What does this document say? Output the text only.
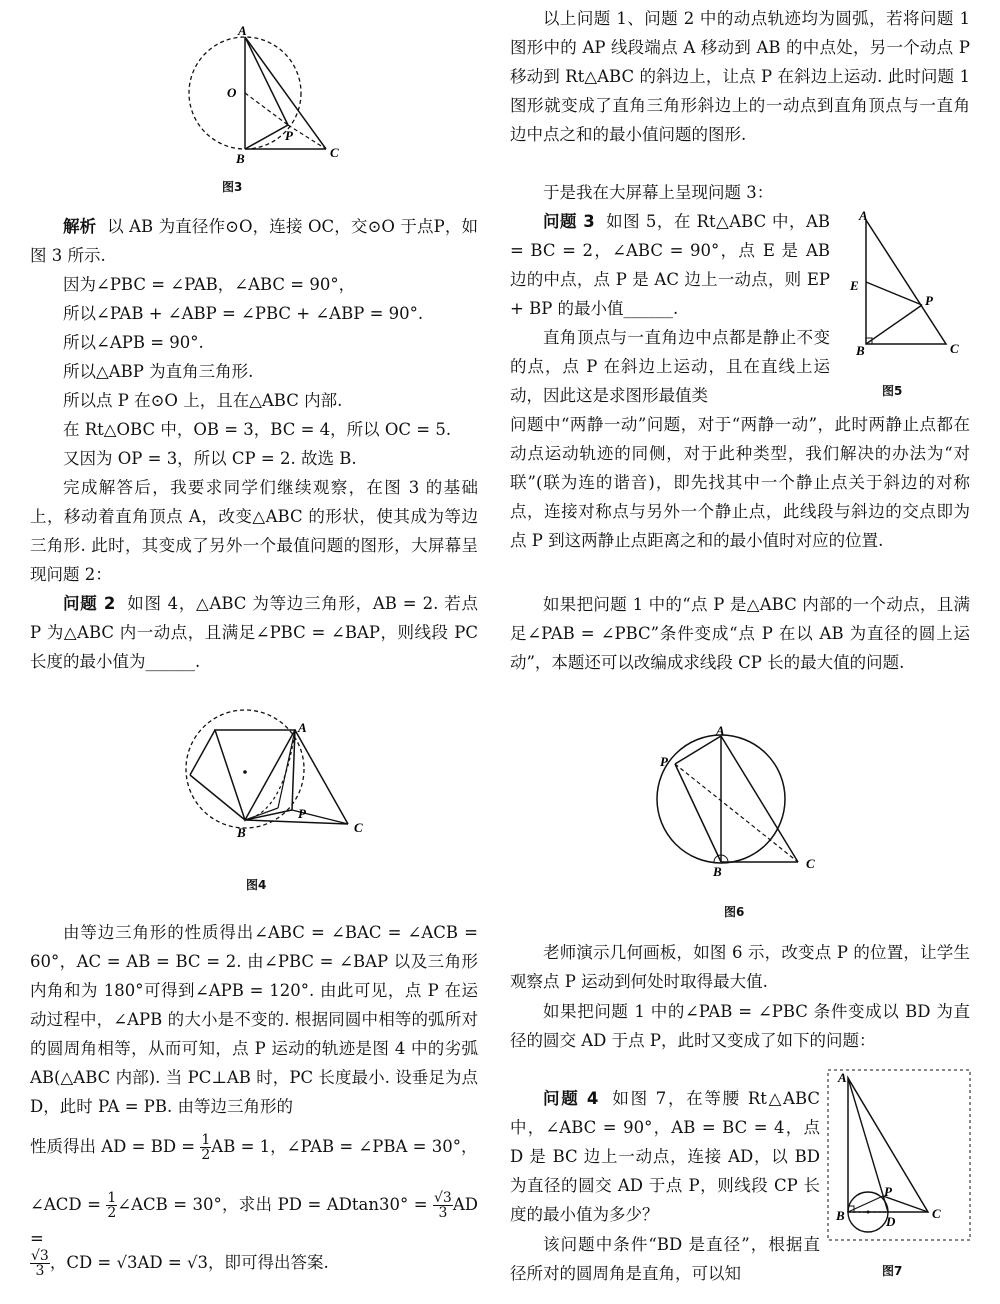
A
O
P
B	C
图3

解析 以 AB 为直径作⊙O，连接 OC，交⊙O 于点P，如图 3 所示.

因为∠PBC = ∠PAB，∠ABC = 90°，

所以∠PAB + ∠ABP = ∠PBC + ∠ABP = 90°.

所以∠APB = 90°.

所以△ABP 为直角三角形.

所以点 P 在⊙O 上，且在△ABC 内部.

在 Rt△OBC 中，OB = 3，BC = 4，所以 OC = 5.

又因为 OP = 3，所以 CP = 2. 故选 B.

完成解答后，我要求同学们继续观察，在图 3 的基础上，移动着直角顶点 A，改变△ABC 的形状，使其成为等边三角形. 此时，其变成了另外一个最值问题的图形，大屏幕呈现问题 2：

问题 2 如图 4，△ABC 为等边三角形，AB = 2. 若点 P 为△ABC 内一动点，且满足∠PBC = ∠BAP，则线段 PC 长度的最小值为______.

A
P
B	C
图4

由等边三角形的性质得出∠ABC = ∠BAC = ∠ACB = 60°，AC = AB = BC = 2. 由∠PBC = ∠BAP 以及三角形内角和为 180°可得到∠APB = 120°. 由此可见，点 P 在运动过程中，∠APB 的大小是不变的. 根据同圆中相等的弧所对的圆周角相等，从而可知，点 P 运动的轨迹是图 4 中的劣弧 AB(△ABC 内部). 当 PC⊥AB 时，PC 长度最小. 设垂足为点 D，此时 PA = PB. 由等边三角形的

性质得出 AD = BD = $\frac{1}{2}$ AB = 1，∠PAB = ∠PBA = 30°，

∠ACD = $\frac{1}{2}$ ∠ACB = 30°，求出 PD = $ADtan30^\circ = \frac{√3}{3}$ AD =

$\frac{√3}{3}$ ，CD = √3AD = √3，即可得出答案.

以上问题 1、问题 2 中的动点轨迹均为圆弧，若将问题 1 图形中的 AP 线段端点 A 移动到 AB 的中点处，另一个动点 P 移动到 Rt△ABC 的斜边上，让点 P 在斜边上运动. 此时问题 1 图形就变成了直角三角形斜边上的一动点到直角顶点与一直角边中点之和的最小值问题的图形.

于是我在大屏幕上呈现问题 3：

问题 3 如图 5，在 Rt△ABC 中，AB = BC = 2，∠ABC = 90°，点 E 是 AB 边的中点，点 P 是 AC 边上一动点，则 EP + BP 的最小值______.

A
E
P
B	C
图5

直角顶点与一直角边中点都是静止不变的点，点 P 在斜边上运动，且在直线上运动，因此这是求图形最值类

问题中“两静一动”问题，对于“两静一动”，此时两静止点都在动点运动轨迹的同侧，对于此种类型，我们解决的办法为“对联”(联为连的谐音)，即先找其中一个静止点关于斜边的对称点，连接对称点与另外一个静止点，此线段与斜边的交点即为点 P 到这两静止点距离之和的最小值时对应的位置.

如果把问题 1 中的“点 P 是△ABC 内部的一个动点，且满足∠PAB = ∠PBC”条件变成“点 P 在以 AB 为直径的圆上运动”，本题还可以改编成求线段 CP 长的最大值的问题.

A
P
B
C
图6

老师演示几何画板，如图 6 示，改变点 P 的位置，让学生观察点 P 运动到何处时取得最大值.

如果把问题 1 中的∠PAB = ∠PBC 条件变成以 BD 为直径的圆交 AD 于点 P，此时又变成了如下的问题：

问题 4 如图 7，在等腰 Rt△ABC 中，∠ABC = 90°，AB = BC = 4，点 D 是 BC 边上一动点，连接 AD，以 BD 为直径的圆交 AD 于点 P，则线段 CP 长度的最小值为多少？

该问题中条件“BD 是直径”，根据直径所对的圆周角是直角，可以知

A
P
B	D
C
图7
